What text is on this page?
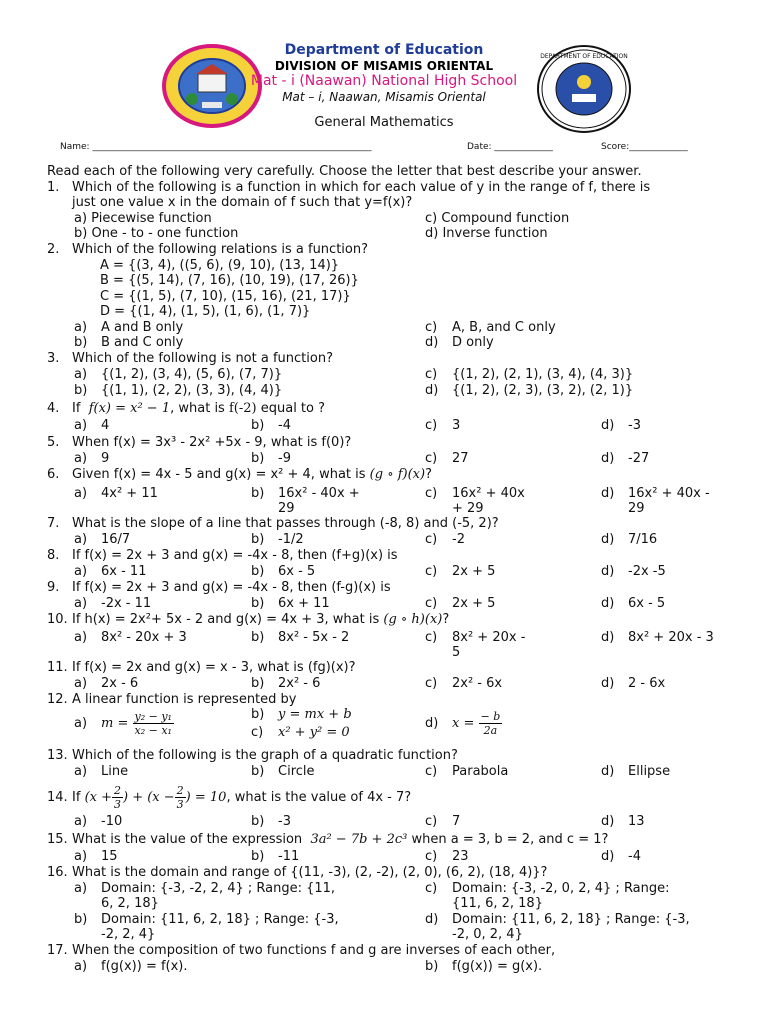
DEPARTMENT OF EDUCATION
Department of Education
DIVISION OF MISAMIS ORIENTAL
Mat - i (Naawan) National High School
Mat – i, Naawan, Misamis Oriental
General Mathematics
Name: ______________________________________________________________	Date: _____________	Score:_____________
Read each of the following very carefully. Choose the letter that best describe your answer.
1. Which of the following is a function in which for each value of y in the range of f, there is
just one value x in the domain of f such that y=f(x)?
a) Piecewise function	c) Compound function
b) One - to - one function	d) Inverse function
2. Which of the following relations is a function?
A = {(3, 4), ((5, 6), (9, 10), (13, 14)}
B = {(5, 14), (7, 16), (10, 19), (17, 26)}
C = {(1, 5), (7, 10), (15, 16), (21, 17)}
D = {(1, 4), (1, 5), (1, 6), (1, 7)}
a) A and B only	c) A, B, and C only
b) B and C only	d) D only
3. Which of the following is not a function?
a) {(1, 2), (3, 4), (5, 6), (7, 7)}	c) {(1, 2), (2, 1), (3, 4), (4, 3)}
b) {(1, 1), (2, 2), (3, 3), (4, 4)}	d) {(1, 2), (2, 3), (3, 2), (2, 1)}
4. If f(x) = x² − 1, what is f(-2) equal to ?
a) 4	b) -4	c) 3	d) -3
5. When f(x) = 3x³ - 2x² +5x - 9, what is f(0)?
a) 9	b) -9	c) 27	d) -27
6. Given f(x) = 4x - 5 and g(x) = x² + 4, what is (g ∘ f)(x)?
a) 4x² + 11	b) 16x² - 40x +
29
c) 16x² + 40x
+ 29
d) 16x² + 40x -
29
7. What is the slope of a line that passes through (-8, 8) and (-5, 2)?
a) 16/7	b) -1/2	c) -2	d) 7/16
8. If f(x) = 2x + 3 and g(x) = -4x - 8, then (f+g)(x) is
a) 6x - 11	b) 6x - 5	c) 2x + 5	d) -2x -5
9. If f(x) = 2x + 3 and g(x) = -4x - 8, then (f-g)(x) is
a) -2x - 11	b) 6x + 11	c) 2x + 5	d) 6x - 5
10. If h(x) = 2x²+ 5x - 2 and g(x) = 4x + 3, what is (g ∘ h)(x)?
a) 8x² - 20x + 3	b) 8x² - 5x - 2	c) 8x² + 20x -
5
d) 8x² + 20x - 3
11. If f(x) = 2x and g(x) = x - 3, what is (fg)(x)?
a) 2x - 6	b) 2x² - 6	c) 2x² - 6x	d) 2 - 6x
12. A linear function is represented by
a) $m = \frac{\text{y₂ − y₁}}{\text{x₂ − x₁}}$	b) y = mx + b
c) x² + y² = 0
d) $x = \frac{- b}{2a}$
13. Which of the following is the graph of a quadratic function?
a) Line	b) Circle	c) Parabola	d) Ellipse
14. If ($x + \frac{2}{3}$ ) + ($x - \frac{2}{3}$ ) = 10, what is the value of 4x - 7?
a) -10	b) -3	c) 7	d) 13
15. What is the value of the expression 3a² − 7b + 2c³ when a = 3, b = 2, and c = 1?
a) 15	b) -11	c) 23	d) -4
16. What is the domain and range of {(11, -3), (2, -2), (2, 0), (6, 2), (18, 4)}?
a) Domain: {-3, -2, 2, 4} ; Range: {11,
6, 2, 18}
c) Domain: {-3, -2, 0, 2, 4} ; Range:
{11, 6, 2, 18}
b) Domain: {11, 6, 2, 18} ; Range: {-3,
-2, 2, 4}
d) Domain: {11, 6, 2, 18} ; Range: {-3,
-2, 0, 2, 4}
17. When the composition of two functions f and g are inverses of each other,
a) f(g(x)) = f(x).	b) f(g(x)) = g(x).
